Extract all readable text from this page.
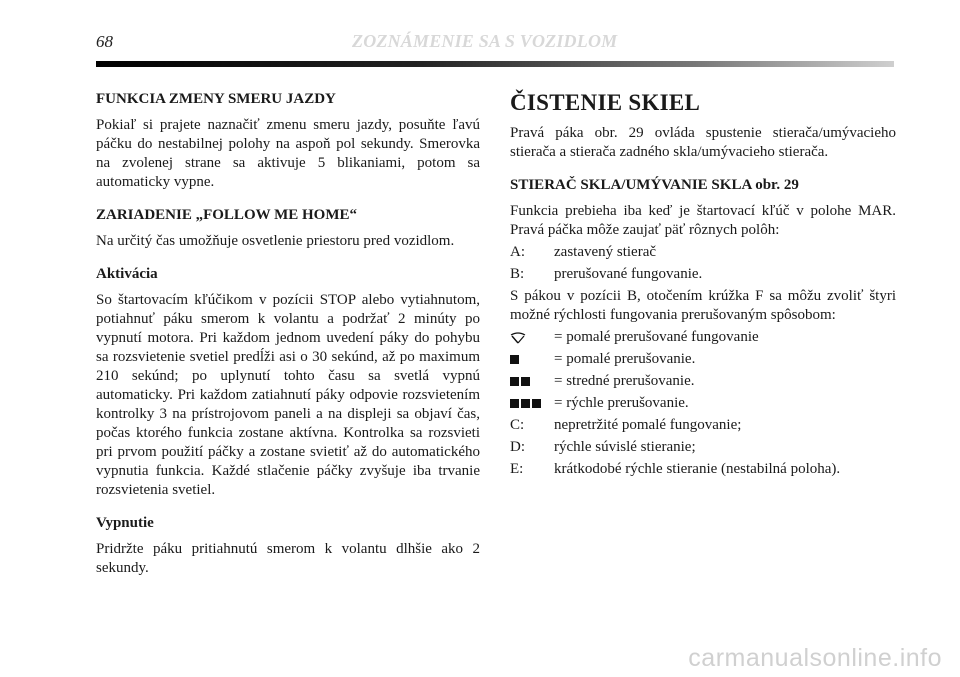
68	ZOZNÁMENIE SA S VOZIDLOM
FUNKCIA ZMENY SMERU JAZDY
Pokiaľ si prajete naznačiť zmenu smeru jazdy, posuňte ľavú páčku do nestabilnej polohy na aspoň pol sekundy. Smerovka na zvolenej strane sa aktivuje 5 blikaniami, potom sa automaticky vypne.
ZARIADENIE „FOLLOW ME HOME“
Na určitý čas umožňuje osvetlenie priestoru pred vozidlom.
Aktivácia
So štartovacím kľúčikom v pozícii STOP alebo vytiahnutom, potiahnuť páku smerom k volantu a podržať 2 minúty po vypnutí motora. Pri každom jednom uvedení páky do pohybu sa rozsvietenie svetiel predĺži asi o 30 sekúnd, až po maximum 210 sekúnd; po uplynutí tohto času sa svetlá vypnú automaticky. Pri každom zatiahnutí páky odpovie rozsvietením kontrolky 3 na prístrojovom paneli a na displeji sa objaví čas, počas ktorého funkcia zostane aktívna. Kontrolka sa rozsvieti pri prvom použití páčky a zostane svietiť až do automatického vypnutia funkcia. Každé stlačenie páčky zvyšuje iba trvanie rozsvietenia svetiel.
Vypnutie
Pridržte páku pritiahnutú smerom k volantu dlhšie ako 2 sekundy.
ČISTENIE SKIEL
Pravá páka obr. 29 ovláda spustenie stierača/umývacieho stierača a stierača zadného skla/umývacieho stierača.
STIERAČ SKLA/UMÝVANIE SKLA obr. 29
Funkcia prebieha iba keď je štartovací kľúč v polohe MAR. Pravá páčka môže zaujať päť rôznych polôh:
A:	zastavený stierač
B:	prerušované fungovanie.
S pákou v pozícii B, otočením krúžka F sa môžu zvoliť štyri možné rýchlosti fungovania prerušovaným spôsobom:
= pomalé prerušované fungovanie
= pomalé prerušovanie.
= stredné prerušovanie.
= rýchle prerušovanie.
C:	nepretržité pomalé fungovanie;
D:	rýchle súvislé stieranie;
E:	krátkodobé rýchle stieranie (nestabilná poloha).
carmanualsonline.info
